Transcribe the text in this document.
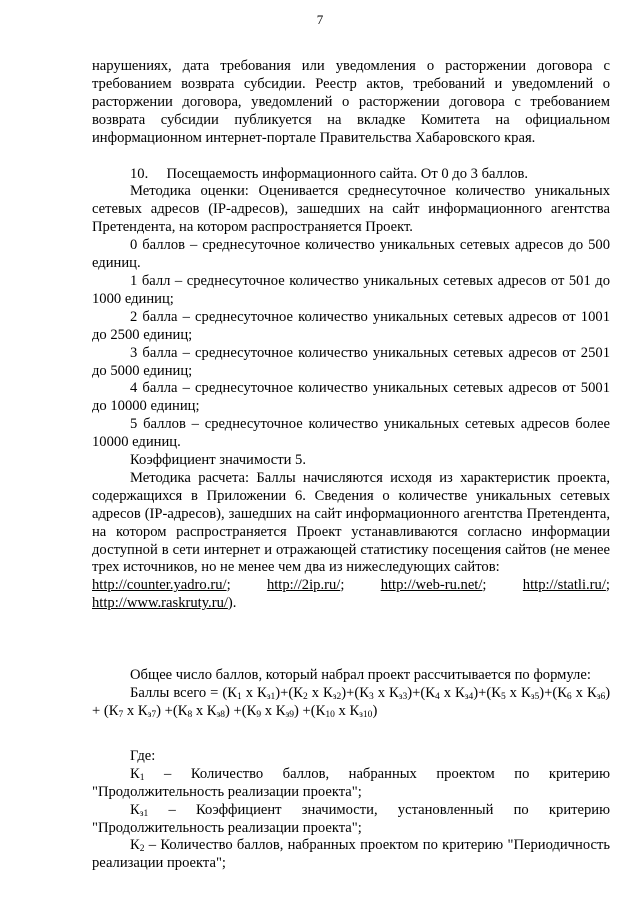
7

нарушениях, дата требования или уведомления о расторжении договора с требованием возврата субсидии. Реестр актов, требований и уведомлений о расторжении договора, уведомлений о расторжении договора с требованием возврата субсидии публикуется на вкладке Комитета на официальном информационном интернет-портале Правительства Хабаровского края.

10.     Посещаемость информационного сайта. От 0 до 3 баллов.

Методика оценки: Оценивается среднесуточное количество уникальных сетевых адресов (IP-адресов), зашедших на сайт информационного агентства Претендента, на котором распространяется Проект.

0 баллов – среднесуточное количество уникальных сетевых адресов до 500 единиц.

1 балл – среднесуточное количество уникальных сетевых адресов от 501 до 1000 единиц;

2 балла – среднесуточное количество уникальных сетевых адресов от 1001 до 2500 единиц;

3 балла – среднесуточное количество уникальных сетевых адресов от 2501 до 5000 единиц;

4 балла – среднесуточное количество уникальных сетевых адресов от 5001 до 10000 единиц;

5 баллов – среднесуточное количество уникальных сетевых адресов более 10000 единиц.

Коэффициент значимости 5.

Методика расчета: Баллы начисляются исходя из характеристик проекта, содержащихся в Приложении 6. Сведения о количестве уникальных сетевых адресов (IP-адресов), зашедших на сайт информационного агентства Претендента, на котором распространяется Проект устанавливаются согласно информации доступной в сети интернет и отражающей статистику посещения сайтов (не менее трех источников, но не менее чем два из нижеследующих сайтов:

http://counter.yadro.ru/; http://2ip.ru/; http://web-ru.net/; http://statli.ru/;

http://www.raskruty.ru/).

Общее число баллов, который набрал проект рассчитывается по формуле:

Баллы всего = ($К_1$ х $К_{з1})+(К_2$ х $К_{з2})+(К_3$ х $К_{з3})+(К_4$ х $К_{з4})+(К_5$ х $К_{з5})+(К_6$ х $К_{з6}) + (К_7$ х $К_{з7}) +(К_8$ х $К_{з8}) +(К_9$ х $К_{з9}) +(К_{10}$ х $К_{з10}$)

Где:

$К_1$ – Количество баллов, набранных проектом по критерию "Продолжительность реализации проекта";

$К_{з1}$ – Коэффициент значимости, установленный по критерию "Продолжительность реализации проекта";

$К_2$ – Количество баллов, набранных проектом по критерию "Периодичность реализации проекта";
